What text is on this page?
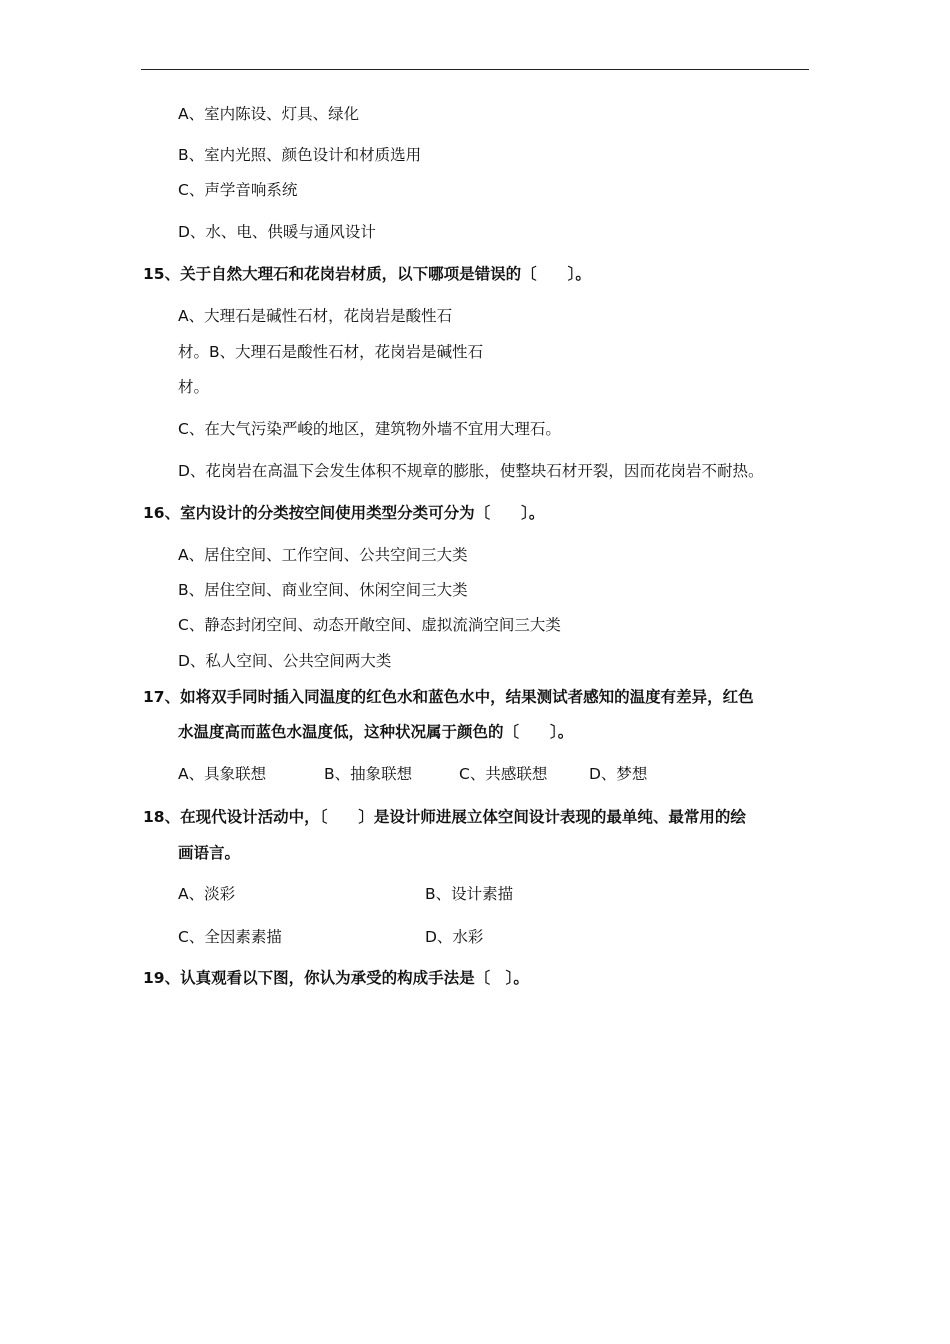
A、室内陈设、灯具、绿化
B、室内光照、颜色设计和材质选用
C、声学音响系统
D、水、电、供暖与通风设计
15、关于自然大理石和花岗岩材质，以下哪项是错误的〔　　〕。
A、大理石是碱性石材，花岗岩是酸性石
材。B、大理石是酸性石材，花岗岩是碱性石
材。
C、在大气污染严峻的地区，建筑物外墙不宜用大理石。
D、花岗岩在高温下会发生体积不规章的膨胀，使整块石材开裂，因而花岗岩不耐热。
16、室内设计的分类按空间使用类型分类可分为〔　　〕。
A、居住空间、工作空间、公共空间三大类
B、居住空间、商业空间、休闲空间三大类
C、静态封闭空间、动态开敞空间、虚拟流淌空间三大类
D、私人空间、公共空间两大类
17、如将双手同时插入同温度的红色水和蓝色水中，结果测试者感知的温度有差异，红色
水温度高而蓝色水温度低，这种状况属于颜色的〔　　〕。
A、具象联想	B、抽象联想	C、共感联想	D、梦想
18、在现代设计活动中，〔　　〕是设计师进展立体空间设计表现的最单纯、最常用的绘
画语言。
A、淡彩	B、设计素描
C、全因素素描	D、水彩
19、认真观看以下图，你认为承受的构成手法是〔　〕。
